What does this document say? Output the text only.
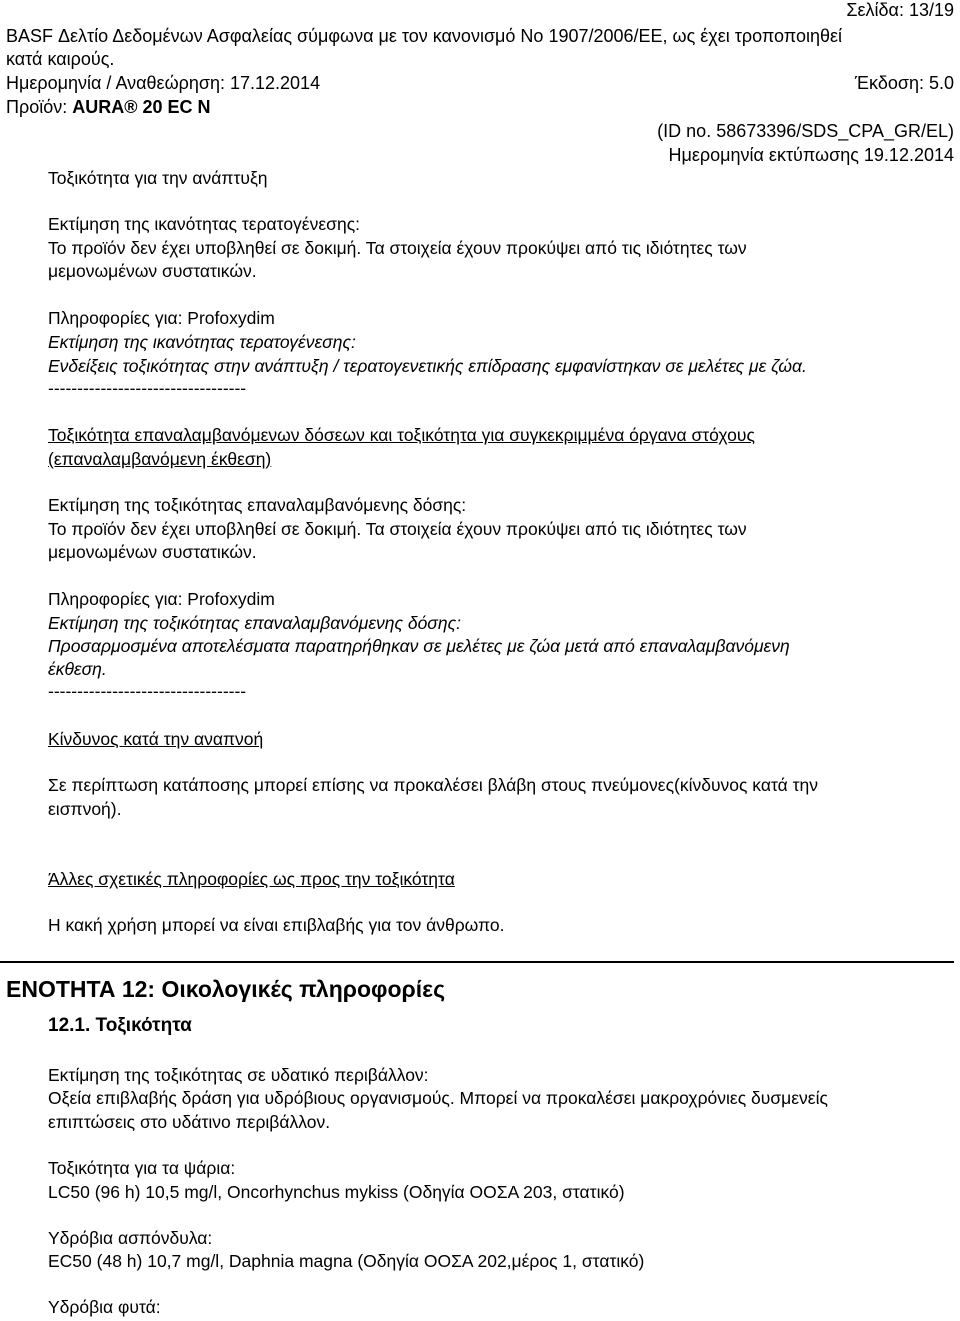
Σελίδα: 13/19
BASF Δελτίο Δεδομένων Ασφαλείας σύμφωνα με τον κανονισμό Νο 1907/2006/ΕΕ, ως έχει τροποποιηθεί
κατά καιρούς.
Ημερομηνία / Αναθεώρηση: 17.12.2014	Έκδοση: 5.0
Προϊόν: AURA® 20 EC N
(ID no. 58673396/SDS_CPA_GR/EL)
Ημερομηνία εκτύπωσης 19.12.2014
Τοξικότητα για την ανάπτυξη
Εκτίμηση της ικανότητας τερατογένεσης:
Το προϊόν δεν έχει υποβληθεί σε δοκιμή. Τα στοιχεία έχουν προκύψει από τις ιδιότητες των
μεμονωμένων συστατικών.
Πληροφορίες για: Profoxydim
Εκτίμηση της ικανότητας τερατογένεσης:
Ενδείξεις τοξικότητας στην ανάπτυξη / τερατογενετικής επίδρασης εμφανίστηκαν σε μελέτες με ζώα.
----------------------------------
Τοξικότητα επαναλαμβανόμενων δόσεων και τοξικότητα για συγκεκριμμένα όργανα στόχους
(επαναλαμβανόμενη έκθεση)
Εκτίμηση της τοξικότητας επαναλαμβανόμενης δόσης:
Το προϊόν δεν έχει υποβληθεί σε δοκιμή. Τα στοιχεία έχουν προκύψει από τις ιδιότητες των
μεμονωμένων συστατικών.
Πληροφορίες για: Profoxydim
Εκτίμηση της τοξικότητας επαναλαμβανόμενης δόσης:
Προσαρμοσμένα αποτελέσματα παρατηρήθηκαν σε μελέτες με ζώα μετά από επαναλαμβανόμενη
έκθεση.
----------------------------------
Κίνδυνος κατά την αναπνοή
Σε περίπτωση κατάποσης μπορεί επίσης να προκαλέσει βλάβη στους πνεύμονες(κίνδυνος κατά την
εισπνοή).
Άλλες σχετικές πληροφορίες ως προς την τοξικότητα
Η κακή χρήση μπορεί να είναι επιβλαβής για τον άνθρωπο.
ΕΝΟΤΗΤΑ 12: Οικολογικές πληροφορίες
12.1. Τοξικότητα
Εκτίμηση της τοξικότητας σε υδατικό περιβάλλον:
Οξεία επιβλαβής δράση για υδρόβιους οργανισμούς. Μπορεί να προκαλέσει μακροχρόνιες δυσμενείς
επιπτώσεις στο υδάτινο περιβάλλον.
Τοξικότητα για τα ψάρια:
LC50 (96 h) 10,5 mg/l, Oncorhynchus mykiss (Οδηγία ΟΟΣΑ 203, στατικό)
Υδρόβια ασπόνδυλα:
EC50 (48 h) 10,7 mg/l, Daphnia magna (Οδηγία ΟΟΣΑ 202,μέρος 1, στατικό)
Υδρόβια φυτά:
